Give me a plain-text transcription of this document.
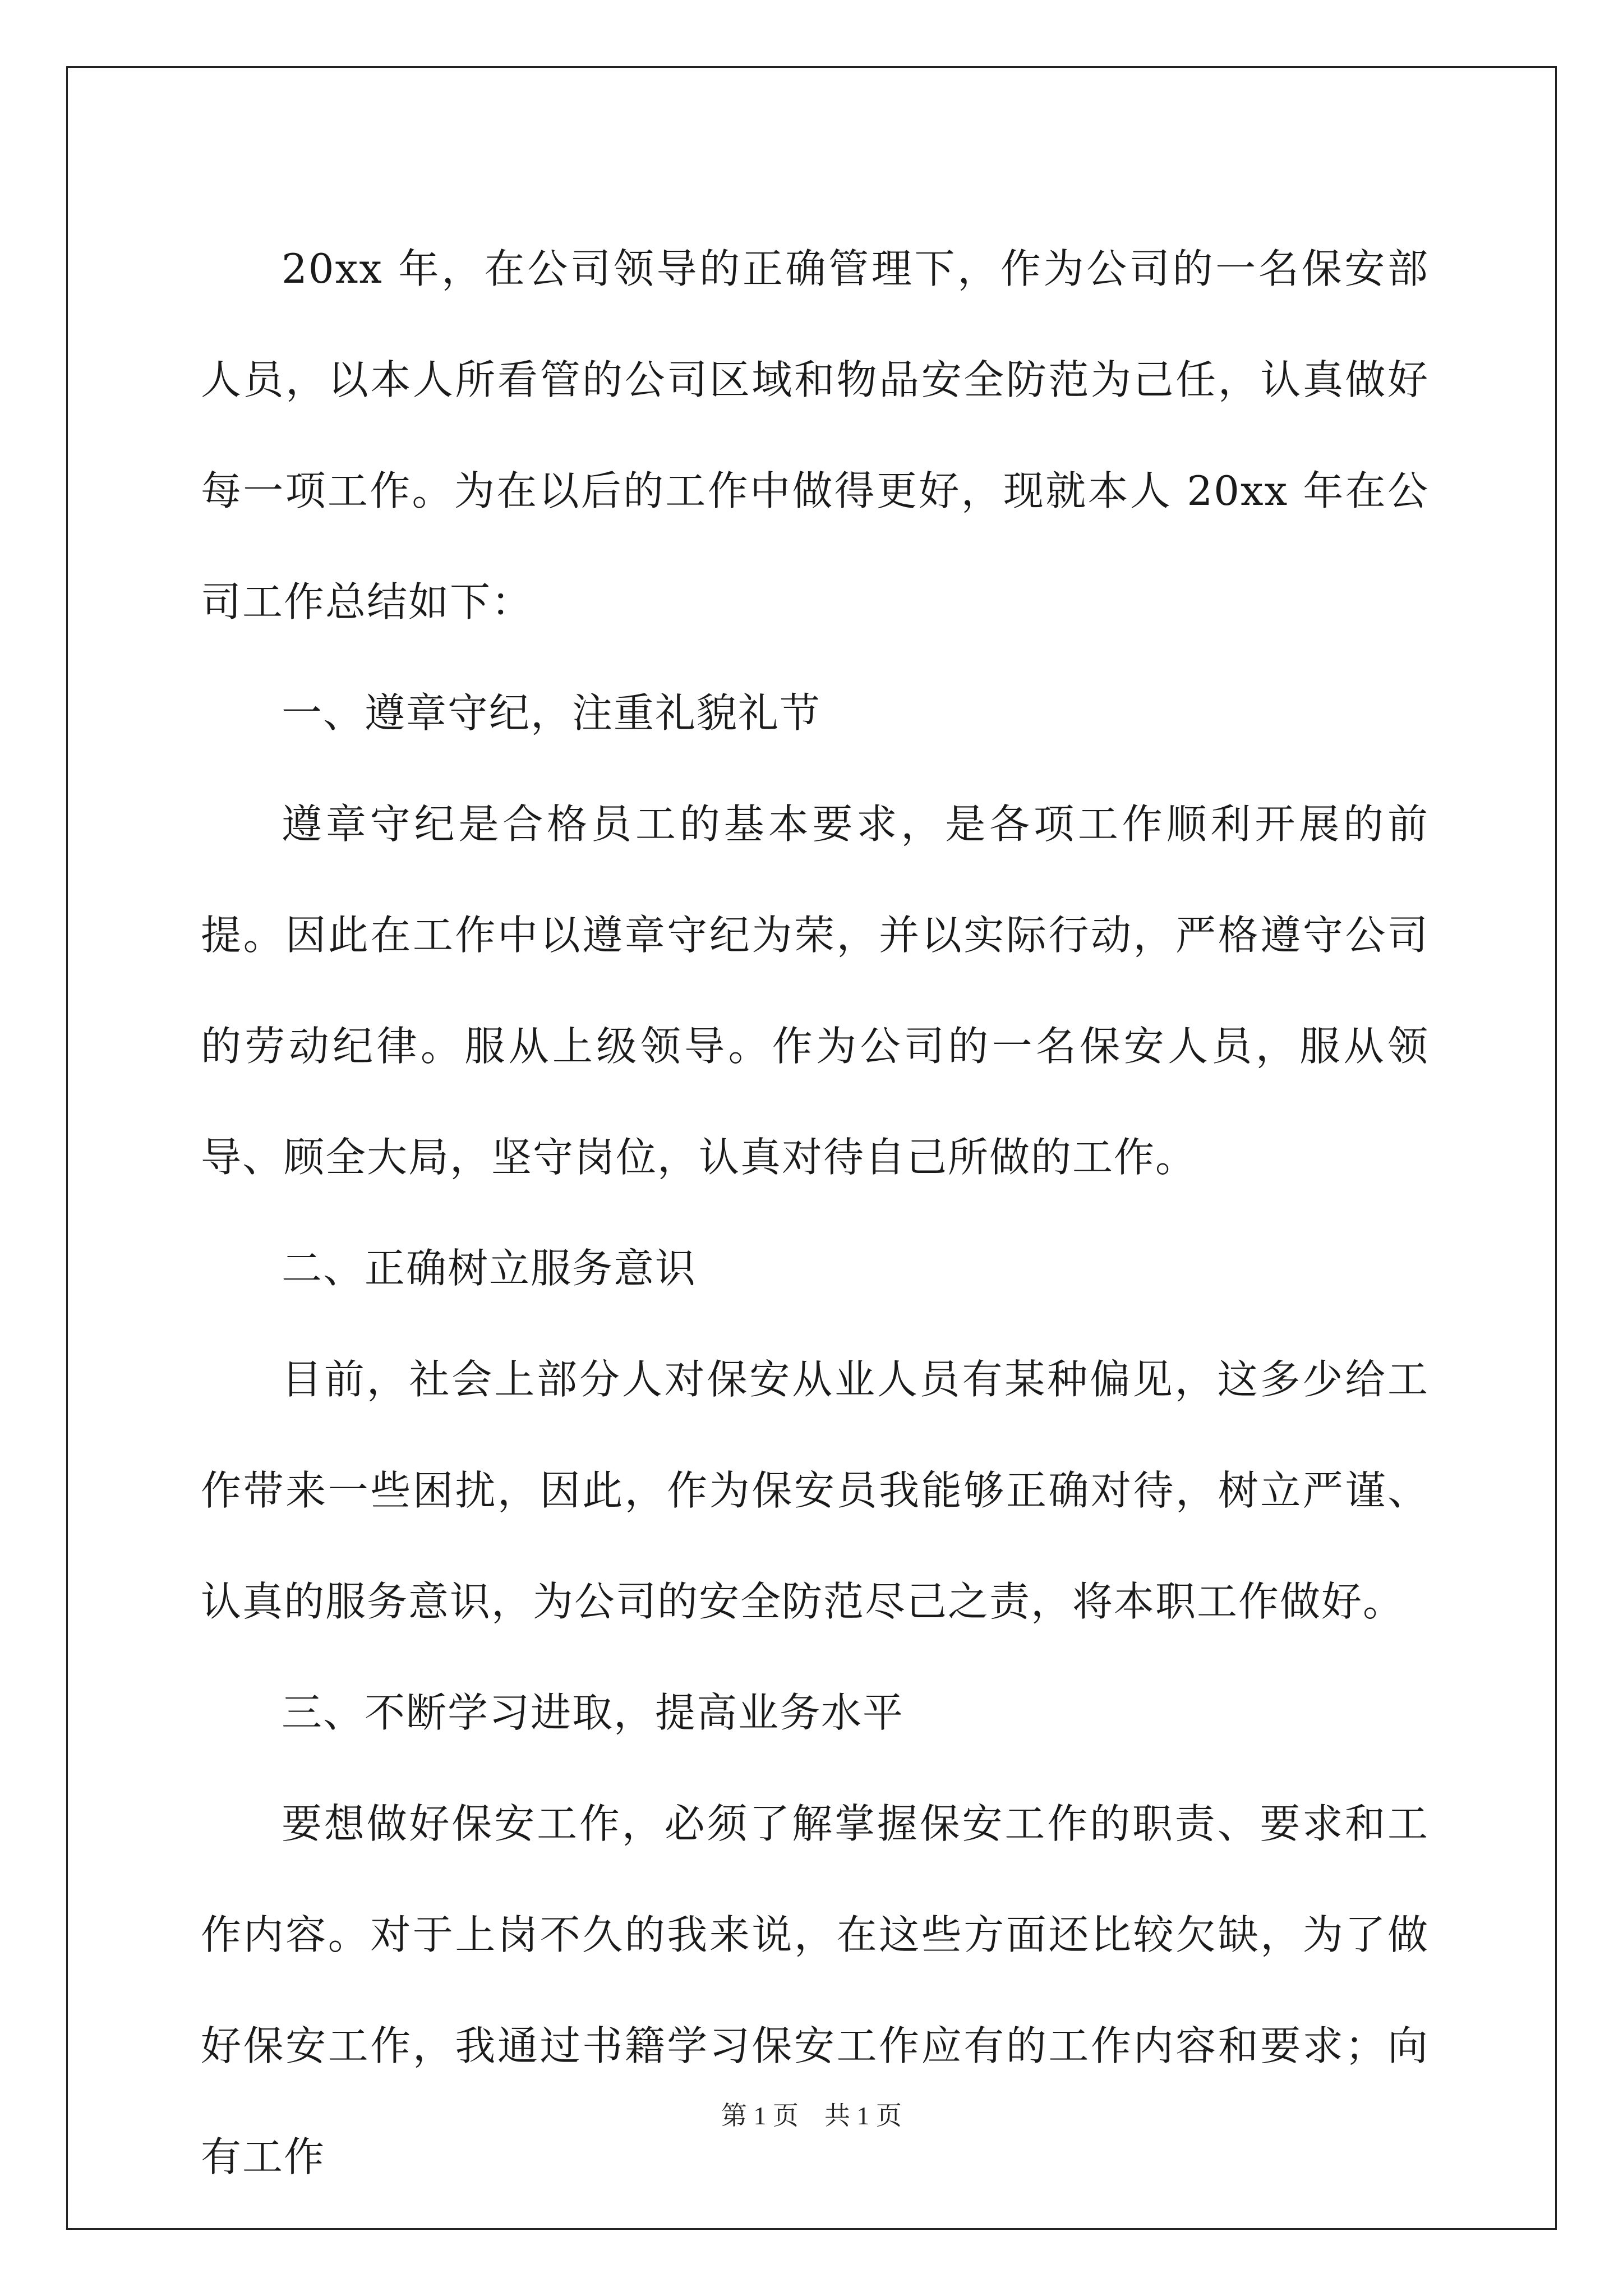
20xx 年，在公司领导的正确管理下，作为公司的一名保安部人员，以本人所看管的公司区域和物品安全防范为己任，认真做好每一项工作。为在以后的工作中做得更好，现就本人 20xx 年在公司工作总结如下：

一、遵章守纪，注重礼貌礼节

遵章守纪是合格员工的基本要求，是各项工作顺利开展的前提。因此在工作中以遵章守纪为荣，并以实际行动，严格遵守公司的劳动纪律。服从上级领导。作为公司的一名保安人员，服从领导、顾全大局，坚守岗位，认真对待自己所做的工作。

二、正确树立服务意识

目前，社会上部分人对保安从业人员有某种偏见，这多少给工作带来一些困扰，因此，作为保安员我能够正确对待，树立严谨、认真的服务意识，为公司的安全防范尽己之责，将本职工作做好。

三、不断学习进取，提高业务水平

要想做好保安工作，必须了解掌握保安工作的职责、要求和工作内容。对于上岗不久的我来说，在这些方面还比较欠缺，为了做好保安工作，我通过书籍学习保安工作应有的工作内容和要求；向有工作

第 1 页    共 1 页
